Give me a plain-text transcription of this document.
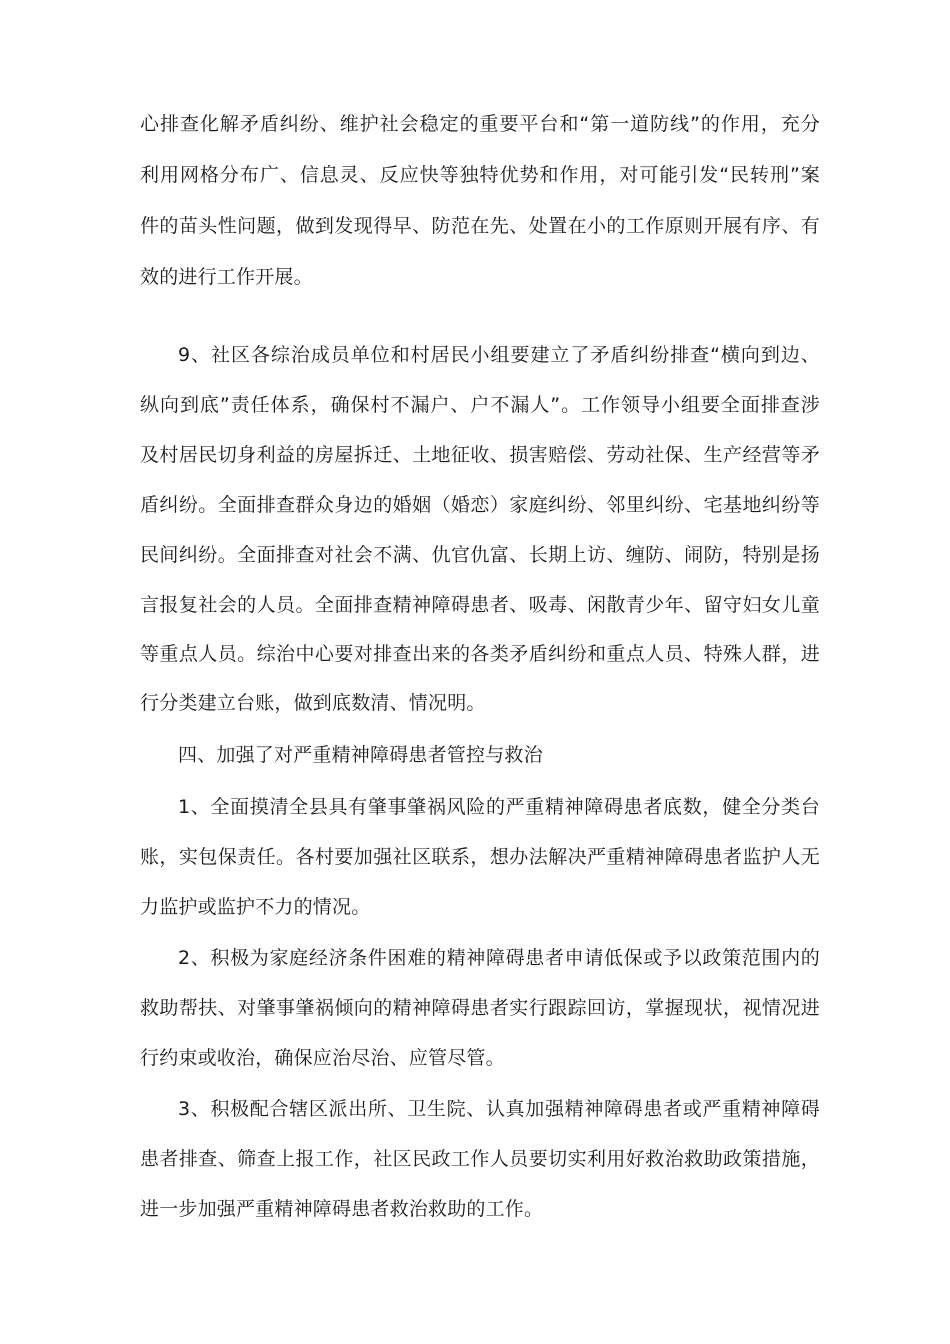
心排查化解矛盾纠纷、维护社会稳定的重要平台和“第一道防线”的作用，充分
利用网格分布广、信息灵、反应快等独特优势和作用，对可能引发“民转刑”案
件的苗头性问题，做到发现得早、防范在先、处置在小的工作原则开展有序、有
效的进行工作开展。
9、社区各综治成员单位和村居民小组要建立了矛盾纠纷排查“横向到边、
纵向到底”责任体系，确保村不漏户、户不漏人”。工作领导小组要全面排查涉
及村居民切身利益的房屋拆迁、土地征收、损害赔偿、劳动社保、生产经营等矛
盾纠纷。全面排查群众身边的婚姻（婚恋）家庭纠纷、邻里纠纷、宅基地纠纷等
民间纠纷。全面排查对社会不满、仇官仇富、长期上访、缠防、闹防，特别是扬
言报复社会的人员。全面排查精神障碍患者、吸毒、闲散青少年、留守妇女儿童
等重点人员。综治中心要对排查出来的各类矛盾纠纷和重点人员、特殊人群，进
行分类建立台账，做到底数清、情况明。
四、加强了对严重精神障碍患者管控与救治
1、全面摸清全县具有肇事肇祸风险的严重精神障碍患者底数，健全分类台
账，实包保责任。各村要加强社区联系，想办法解决严重精神障碍患者监护人无
力监护或监护不力的情况。
2、积极为家庭经济条件困难的精神障碍患者申请低保或予以政策范围内的
救助帮扶、对肇事肇祸倾向的精神障碍患者实行跟踪回访，掌握现状，视情况进
行约束或收治，确保应治尽治、应管尽管。
3、积极配合辖区派出所、卫生院、认真加强精神障碍患者或严重精神障碍
患者排查、筛查上报工作，社区民政工作人员要切实利用好救治救助政策措施，
进一步加强严重精神障碍患者救治救助的工作。
